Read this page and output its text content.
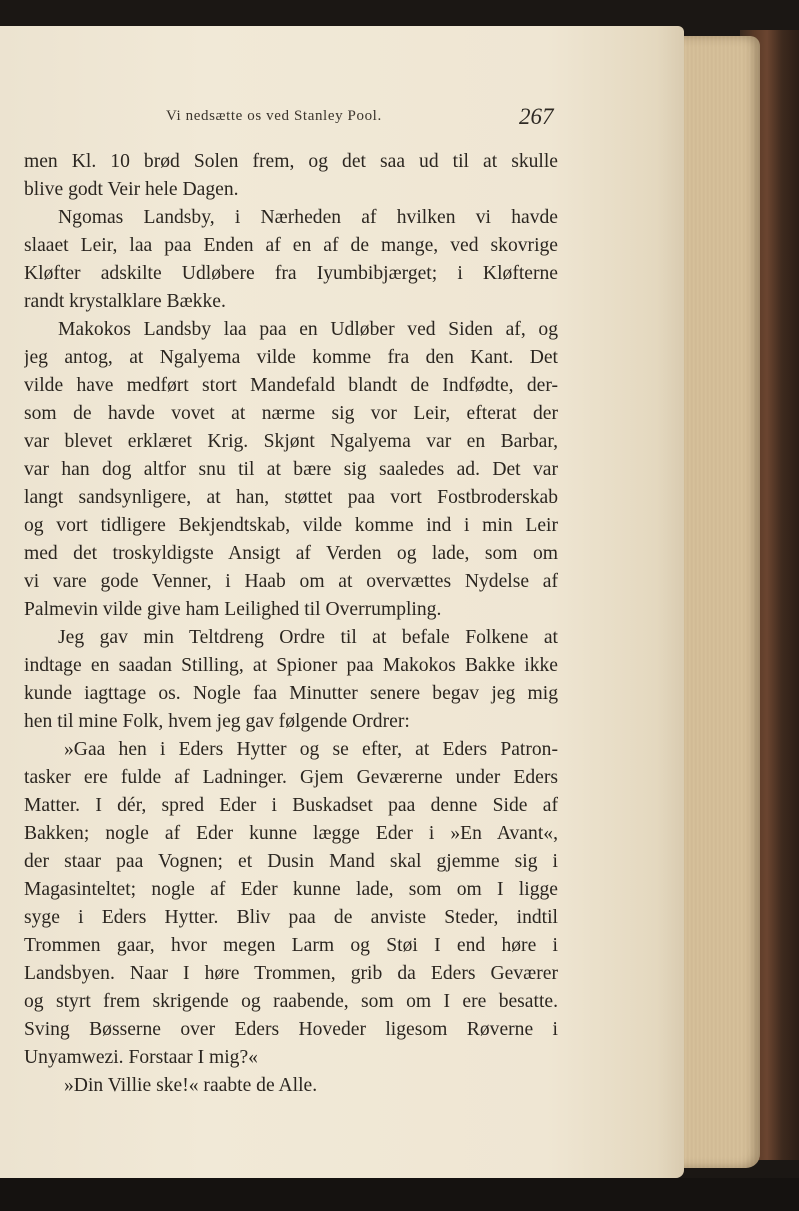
Vi nedsætte os ved Stanley Pool.	267
men Kl. 10 brød Solen frem, og det saa ud til at skulle
blive godt Veir hele Dagen.
Ngomas Landsby, i Nærheden af hvilken vi havde
slaaet Leir, laa paa Enden af en af de mange, ved skovrige
Kløfter adskilte Udløbere fra Iyumbibjærget; i Kløfterne
randt krystalklare Bække.
Makokos Landsby laa paa en Udløber ved Siden af, og
jeg antog, at Ngalyema vilde komme fra den Kant. Det
vilde have medført stort Mandefald blandt de Indfødte, der-
som de havde vovet at nærme sig vor Leir, efterat der
var blevet erklæret Krig. Skjønt Ngalyema var en Barbar,
var han dog altfor snu til at bære sig saaledes ad. Det var
langt sandsynligere, at han, støttet paa vort Fostbroderskab
og vort tidligere Bekjendtskab, vilde komme ind i min Leir
med det troskyldigste Ansigt af Verden og lade, som om
vi vare gode Venner, i Haab om at overvættes Nydelse af
Palmevin vilde give ham Leilighed til Overrumpling.
Jeg gav min Teltdreng Ordre til at befale Folkene at
indtage en saadan Stilling, at Spioner paa Makokos Bakke ikke
kunde iagttage os. Nogle faa Minutter senere begav jeg mig
hen til mine Folk, hvem jeg gav følgende Ordrer:
»Gaa hen i Eders Hytter og se efter, at Eders Patron-
tasker ere fulde af Ladninger. Gjem Geværerne under Eders
Matter. I dér, spred Eder i Buskadset paa denne Side af
Bakken; nogle af Eder kunne lægge Eder i »En Avant«,
der staar paa Vognen; et Dusin Mand skal gjemme sig i
Magasinteltet; nogle af Eder kunne lade, som om I ligge
syge i Eders Hytter. Bliv paa de anviste Steder, indtil
Trommen gaar, hvor megen Larm og Støi I end høre i
Landsbyen. Naar I høre Trommen, grib da Eders Geværer
og styrt frem skrigende og raabende, som om I ere besatte.
Sving Bøsserne over Eders Hoveder ligesom Røverne i
Unyamwezi. Forstaar I mig?«
»Din Villie ske!« raabte de Alle.
